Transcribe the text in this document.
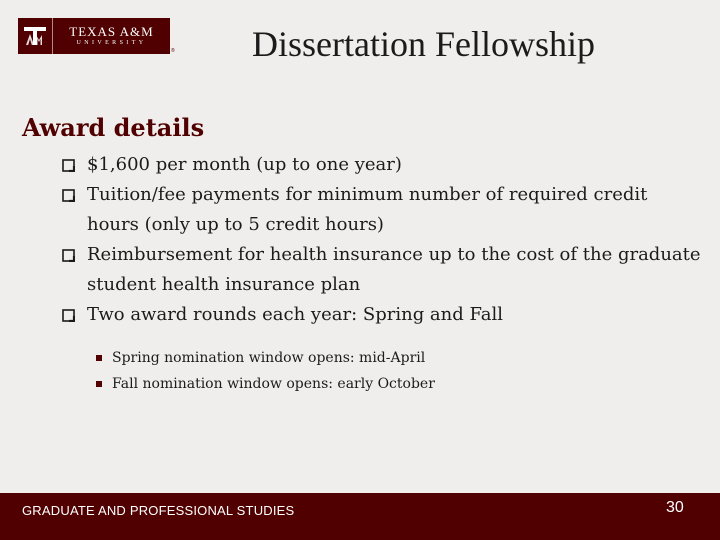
TEXAS A&M
UNIVERSITY
® Dissertation Fellowship
Award details
$1,600 per month (up to one year)
Tuition/fee payments for minimum number of required credit hours (only up to 5 credit hours)
Reimbursement for health insurance up to the cost of the graduate student health insurance plan
Two award rounds each year: Spring and Fall
Spring nomination window opens: mid-April
Fall nomination window opens: early October
GRADUATE AND PROFESSIONAL STUDIES	30
